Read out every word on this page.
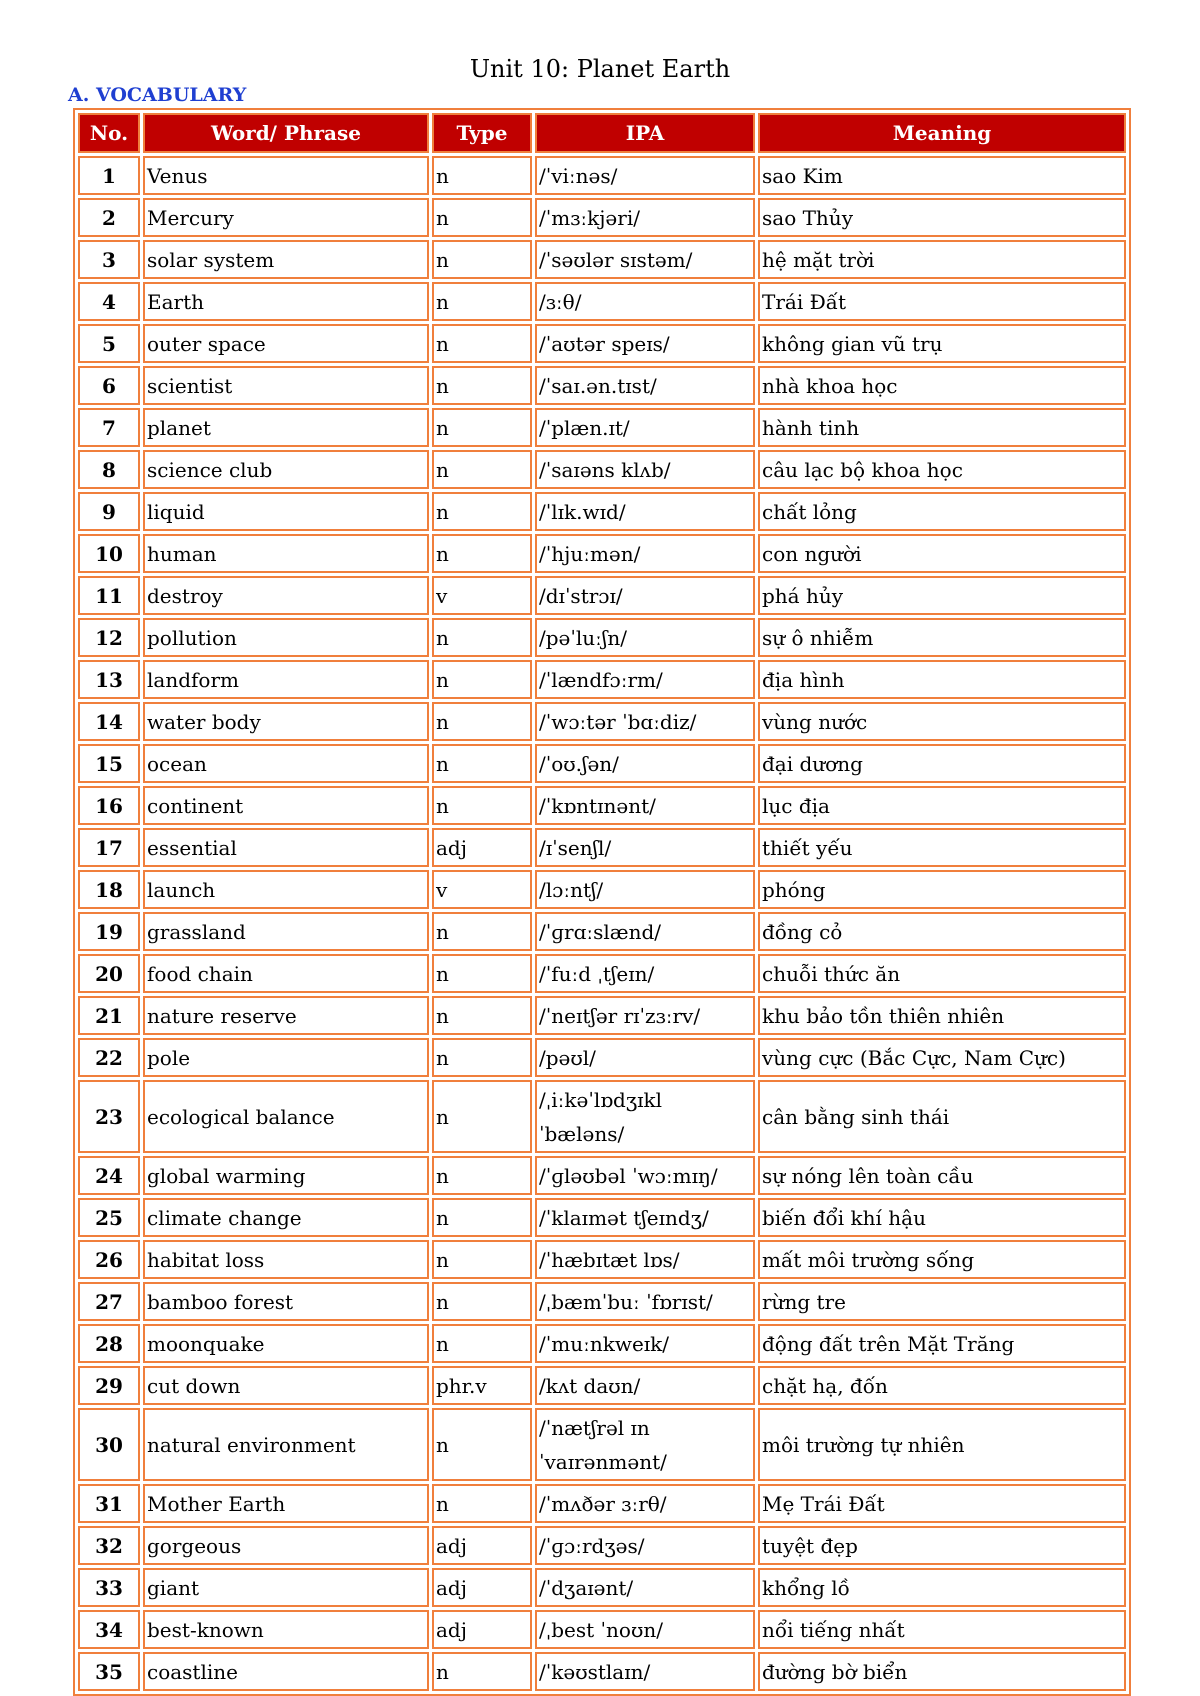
Unit 10: Planet Earth
A. VOCABULARY
No.	Word/ Phrase	Type	IPA	Meaning
1	Venus	n	/ˈviːnəs/	sao Kim
2	Mercury	n	/ˈmɜːkjəri/	sao Thủy
3	solar system	n	/ˈsəʊlər sɪstəm/	hệ mặt trời
4	Earth	n	/ɜːθ/	Trái Đất
5	outer space	n	/ˈaʊtər speɪs/	không gian vũ trụ
6	scientist	n	/ˈsaɪ.ən.tɪst/	nhà khoa học
7	planet	n	/ˈplæn.ɪt/	hành tinh
8	science club	n	/ˈsaɪəns klʌb/	câu lạc bộ khoa học
9	liquid	n	/ˈlɪk.wɪd/	chất lỏng
10	human	n	/ˈhjuːmən/	con người
11	destroy	v	/dɪˈstrɔɪ/	phá hủy
12	pollution	n	/pəˈluːʃn/	sự ô nhiễm
13	landform	n	/ˈlændfɔːrm/	địa hình
14	water body	n	/ˈwɔːtər ˈbɑːdiz/	vùng nước
15	ocean	n	/ˈoʊ.ʃən/	đại dương
16	continent	n	/ˈkɒntɪnənt/	lục địa
17	essential	adj	/ɪˈsenʃl/	thiết yếu
18	launch	v	/lɔːntʃ/	phóng
19	grassland	n	/ˈɡrɑːslænd/	đồng cỏ
20	food chain	n	/ˈfuːd ˌtʃeɪn/	chuỗi thức ăn
21	nature reserve	n	/ˈneɪtʃər rɪˈzɜːrv/	khu bảo tồn thiên nhiên
22	pole	n	/pəʊl/	vùng cực (Bắc Cực, Nam Cực)
23	ecological balance	n	/ˌiːkəˈlɒdʒɪkl ˈbæləns/	cân bằng sinh thái
24	global warming	n	/ˈɡləʊbəl ˈwɔːmɪŋ/	sự nóng lên toàn cầu
25	climate change	n	/ˈklaɪmət tʃeɪndʒ/	biến đổi khí hậu
26	habitat loss	n	/ˈhæbɪtæt lɒs/	mất môi trường sống
27	bamboo forest	n	/ˌbæmˈbuː ˈfɒrɪst/	rừng tre
28	moonquake	n	/ˈmuːnkweɪk/	động đất trên Mặt Trăng
29	cut down	phr.v	/kʌt daʊn/	chặt hạ, đốn
30	natural environment	n	/ˈnætʃrəl ɪn ˈvaɪrənmənt/	môi trường tự nhiên
31	Mother Earth	n	/ˈmʌðər ɜːrθ/	Mẹ Trái Đất
32	gorgeous	adj	/ˈɡɔːrdʒəs/	tuyệt đẹp
33	giant	adj	/ˈdʒaɪənt/	khổng lồ
34	best-known	adj	/ˌbest ˈnoʊn/	nổi tiếng nhất
35	coastline	n	/ˈkəʊstlaɪn/	đường bờ biển
